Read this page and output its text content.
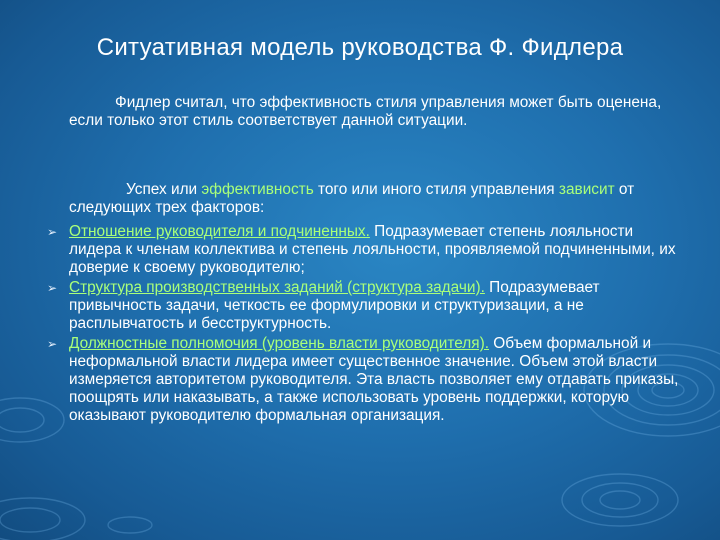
Ситуативная модель руководства Ф. Фидлера
Фидлер считал, что эффективность стиля управления может быть оценена, если только этот стиль соответствует данной ситуации.
Успех или эффективность того или иного стиля управления зависит от следующих трех факторов:
➢ Отношение руководителя и подчиненных. Подразумевает степень лояльности лидера к членам коллектива и степень лояльности, проявляемой подчиненными, их доверие к своему руководителю;
➢ Структура производственных заданий (структура задачи). Подразумевает привычность задачи, четкость ее формулировки и структуризации, а не расплывчатость и бесструктурность.
➢ Должностные полномочия (уровень власти руководителя). Объем формальной и неформальной власти лидера имеет существенное значение. Объем этой власти измеряется авторитетом руководителя. Эта власть позволяет ему отдавать приказы, поощрять или наказывать, а также использовать уровень поддержки, которую оказывают руководителю формальная организация.
